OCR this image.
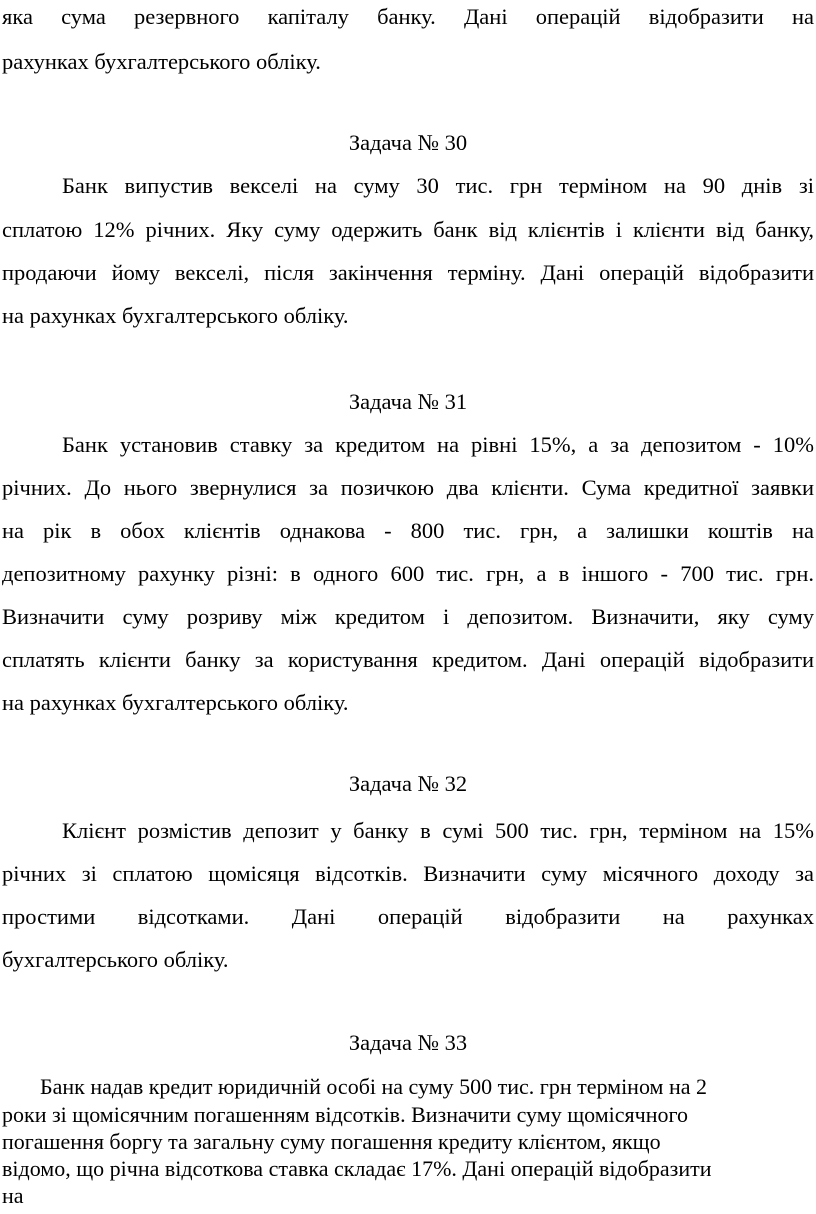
яка сума резервного капіталу банку. Дані операцій відобразити на
рахунках бухгалтерського обліку.
Задача № 30
Банк випустив векселі на суму 30 тис. грн терміном на 90 днів зі
сплатою 12% річних. Яку суму одержить банк від клієнтів і клієнти від банку,
продаючи йому векселі, після закінчення терміну. Дані операцій відобразити
на рахунках бухгалтерського обліку.
Задача № 31
Банк установив ставку за кредитом на рівні 15%, а за депозитом - 10%
річних. До нього звернулися за позичкою два клієнти. Сума кредитної заявки
на рік в обох клієнтів однакова - 800 тис. грн, а залишки коштів на
депозитному рахунку різні: в одного 600 тис. грн, а в іншого - 700 тис. грн.
Визначити суму розриву між кредитом і депозитом. Визначити, яку суму
сплатять клієнти банку за користування кредитом. Дані операцій відобразити
на рахунках бухгалтерського обліку.
Задача № 32
Клієнт розмістив депозит у банку в сумі 500 тис. грн, терміном на 15%
річних зі сплатою щомісяця відсотків. Визначити суму місячного доходу за
простими відсотками. Дані операцій відобразити на рахунках
бухгалтерського обліку.
Задача № 33
Банк надав кредит юридичній особі на суму 500 тис. грн терміном на 2
роки зі щомісячним погашенням відсотків. Визначити суму щомісячного
погашення боргу та загальну суму погашення кредиту клієнтом, якщо
відомо, що річна відсоткова ставка складає 17%. Дані операцій відобразити
на
